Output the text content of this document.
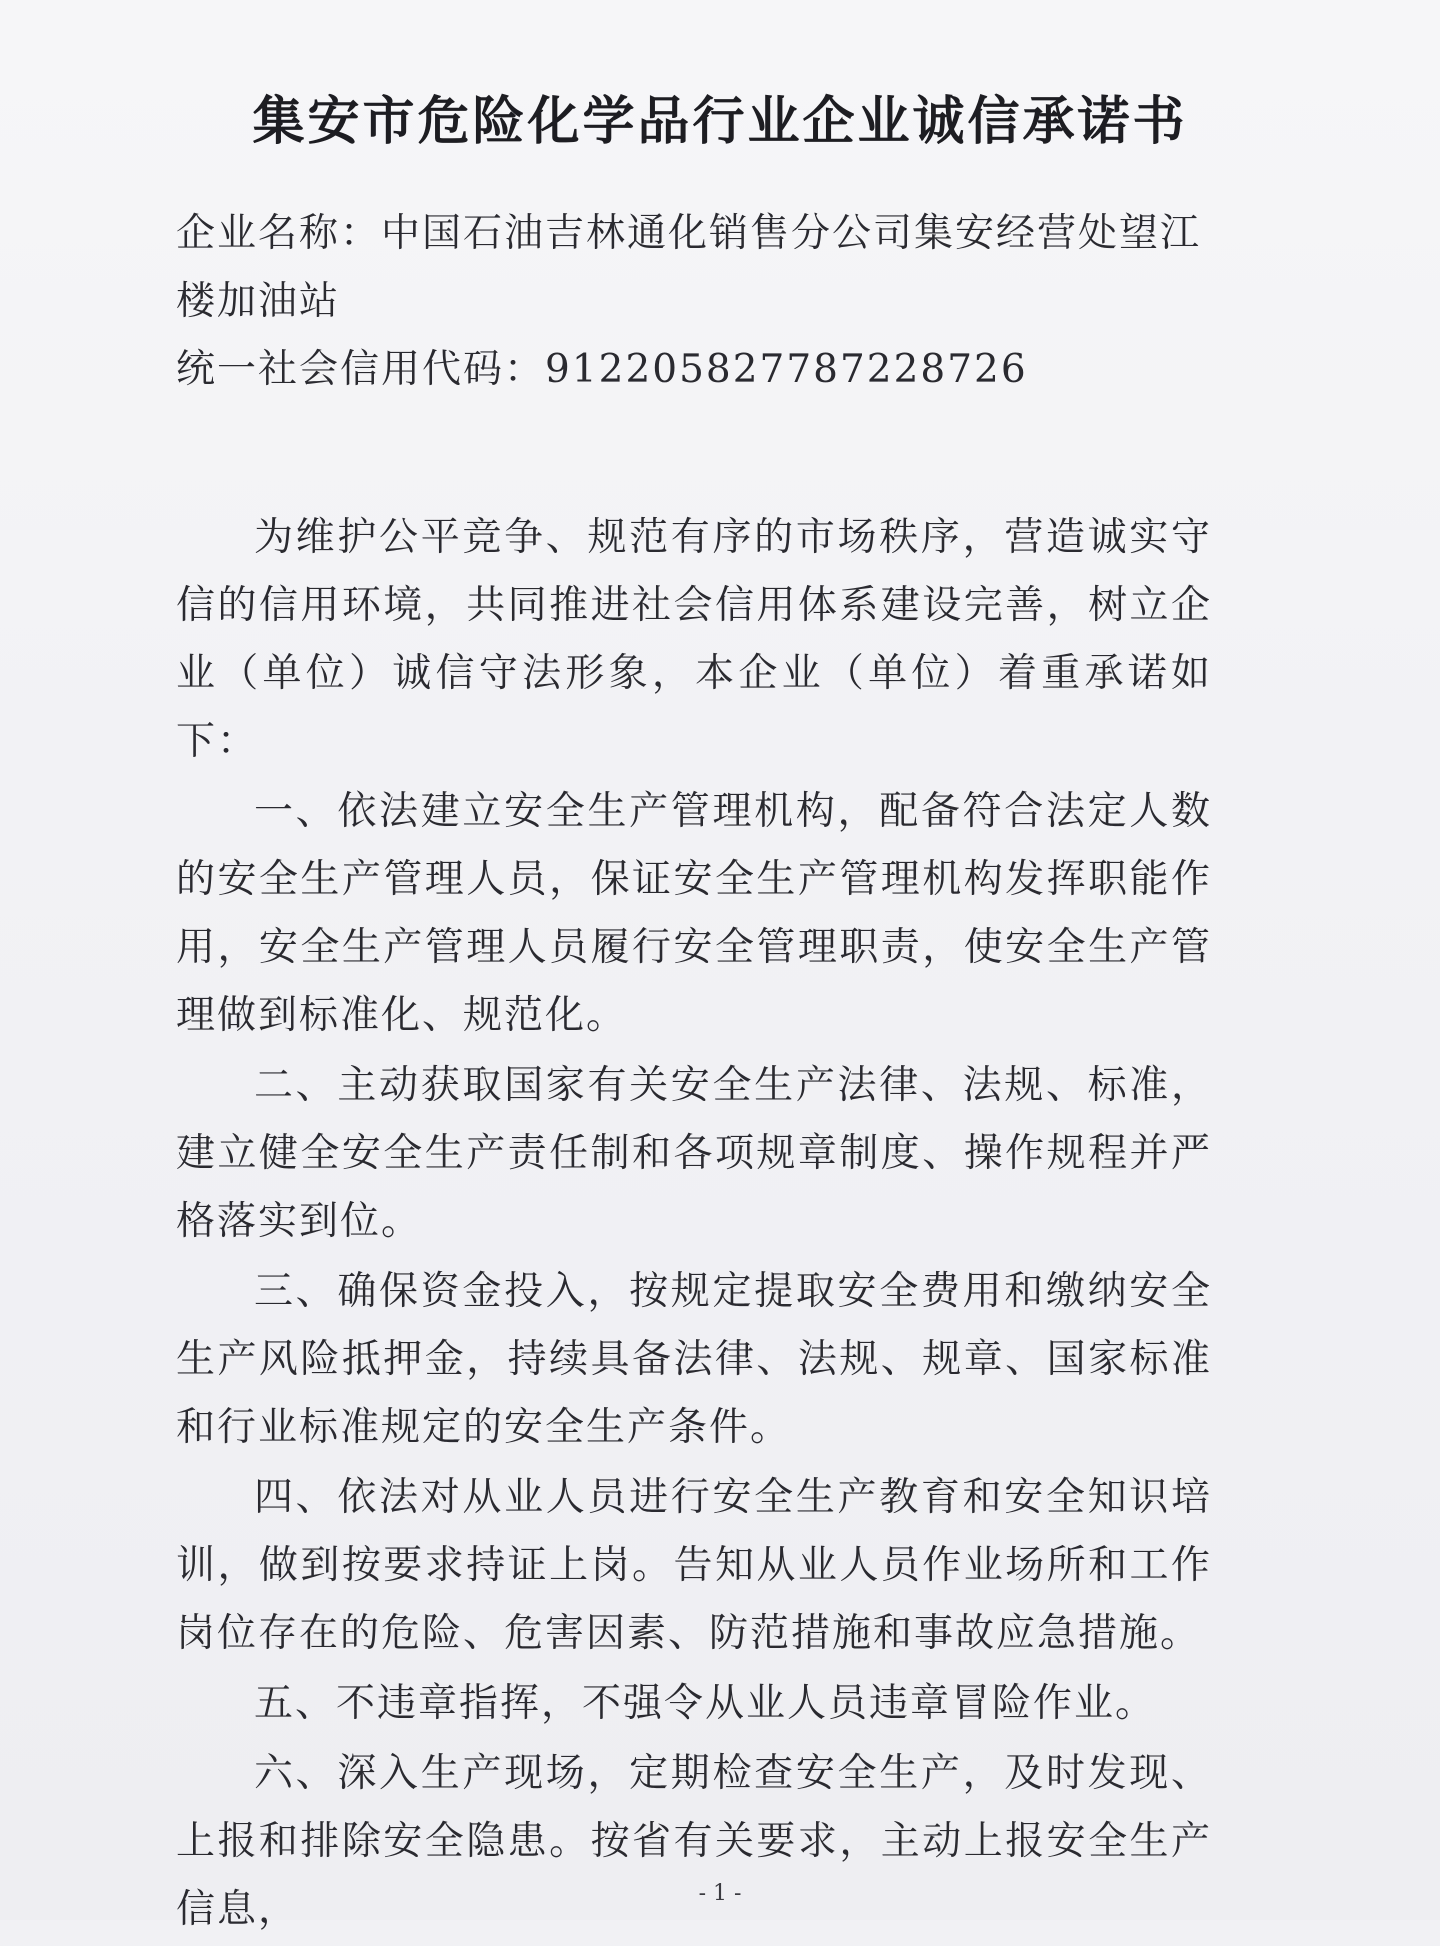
集安市危险化学品行业企业诚信承诺书

企业名称：中国石油吉林通化销售分公司集安经营处望江楼加油站

统一社会信用代码：912205827787228726

为维护公平竞争、规范有序的市场秩序，营造诚实守信的信用环境，共同推进社会信用体系建设完善，树立企业（单位）诚信守法形象，本企业（单位）着重承诺如下：

一、依法建立安全生产管理机构，配备符合法定人数的安全生产管理人员，保证安全生产管理机构发挥职能作用，安全生产管理人员履行安全管理职责，使安全生产管理做到标准化、规范化。

二、主动获取国家有关安全生产法律、法规、标准，建立健全安全生产责任制和各项规章制度、操作规程并严格落实到位。

三、确保资金投入，按规定提取安全费用和缴纳安全生产风险抵押金，持续具备法律、法规、规章、国家标准和行业标准规定的安全生产条件。

四、依法对从业人员进行安全生产教育和安全知识培训，做到按要求持证上岗。告知从业人员作业场所和工作岗位存在的危险、危害因素、防范措施和事故应急措施。

五、不违章指挥，不强令从业人员违章冒险作业。

六、深入生产现场，定期检查安全生产，及时发现、上报和排除安全隐患。按省有关要求，主动上报安全生产信息，	- 1 -
